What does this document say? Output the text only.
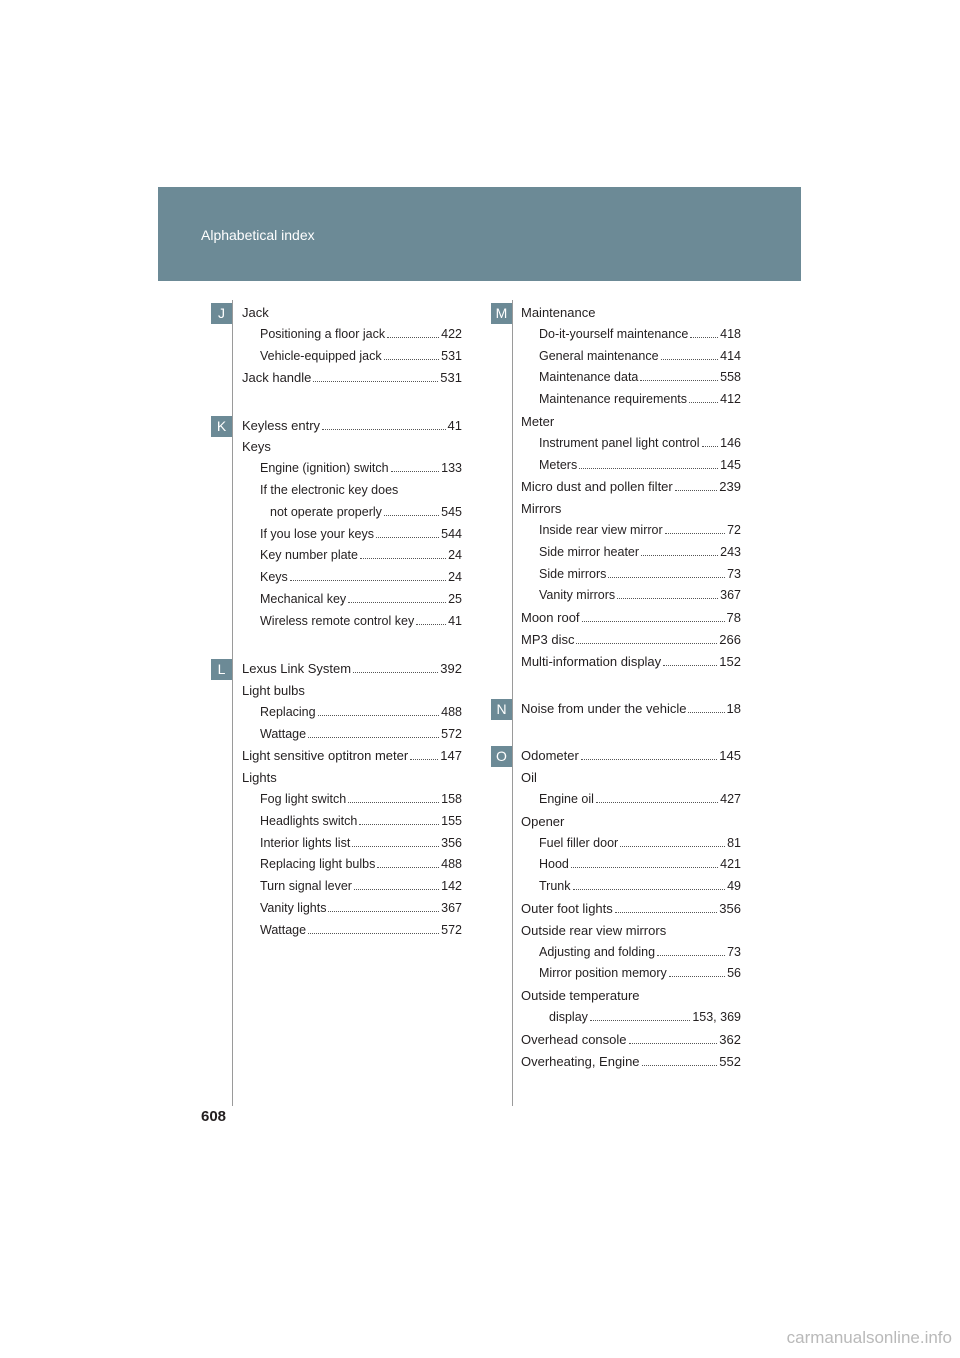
Alphabetical index
Jack
Positioning a floor jack	422
Vehicle-equipped jack	531
Jack handle	531
Keyless entry	41
Keys
Engine (ignition) switch	133
If the electronic key does
not operate properly	545
If you lose your keys	544
Key number plate	24
Keys	24
Mechanical key	25
Wireless remote control key	41
Lexus Link System	392
Light bulbs
Replacing	488
Wattage	572
Light sensitive optitron meter 147
Lights
Fog light switch	158
Headlights switch	155
Interior lights list	356
Replacing light bulbs	488
Turn signal lever	142
Vanity lights	367
Wattage	572
Maintenance
Do-it-yourself maintenance	418
General maintenance	414
Maintenance data	558
Maintenance requirements	412
Meter
Instrument panel light control 146
Meters	145
Micro dust and pollen filter	239
Mirrors
Inside rear view mirror	72
Side mirror heater	243
Side mirrors	73
Vanity mirrors	367
Moon roof	78
MP3 disc	266
Multi-information display	152
Noise from under the vehicle	18
Odometer	145
Oil
Engine oil	427
Opener
Fuel filler door	81
Hood	421
Trunk	49
Outer foot lights	356
Outside rear view mirrors
Adjusting and folding	73
Mirror position memory	56
Outside temperature
display	153, 369
Overhead console	362
Overheating, Engine	552
J
K
L
M
N
O
608
carmanualsonline.info
